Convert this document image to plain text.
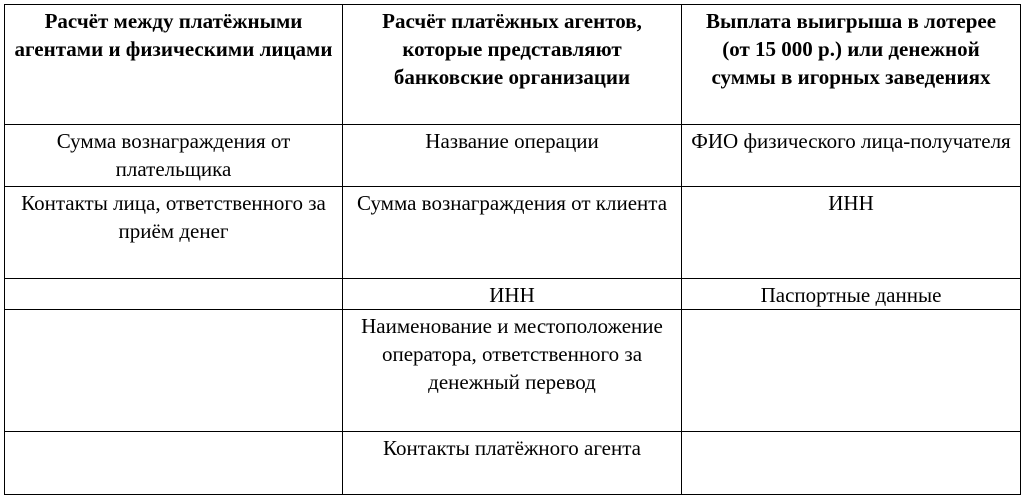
Расчёт между платёжными агентами и физическими лицами	Расчёт платёжных агентов, которые представляют банковские организации	Выплата выигрыша в лотерее (от 15 000 р.) или денежной суммы в игорных заведениях
Сумма вознаграждения от плательщика	Название операции	ФИО физического лица-получателя
Контакты лица, ответственного за приём денег	Сумма вознаграждения от клиента	ИНН
	ИНН	Паспортные данные
	Наименование и местоположение оператора, ответственного за денежный перевод	
	Контакты платёжного агента	
